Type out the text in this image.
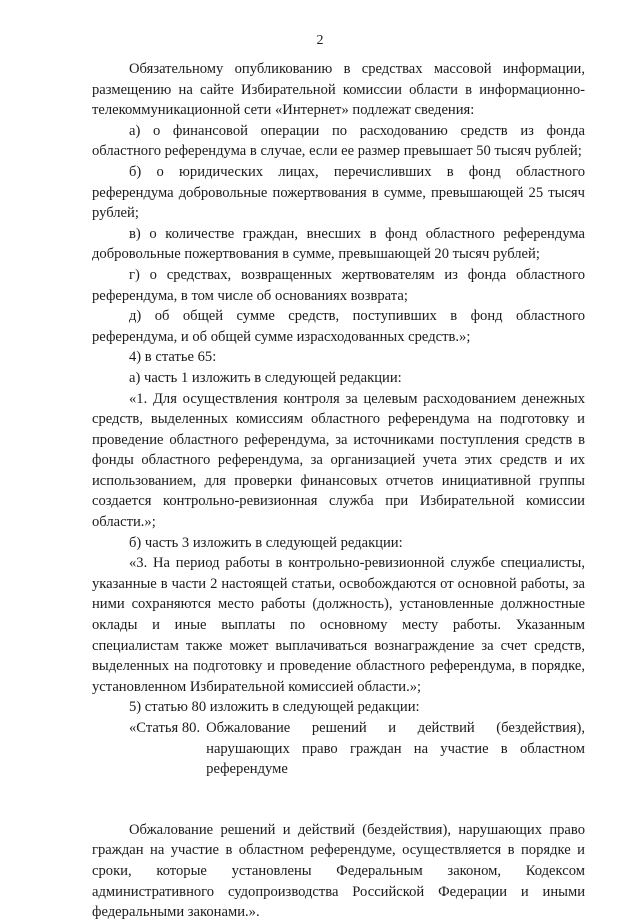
2

Обязательному опубликованию в средствах массовой информации, размещению на сайте Избирательной комиссии области в информационно-телекоммуникационной сети «Интернет» подлежат сведения:

а) о финансовой операции по расходованию средств из фонда областного референдума в случае, если ее размер превышает 50 тысяч рублей;

б) о юридических лицах, перечисливших в фонд областного референдума добровольные пожертвования в сумме, превышающей 25 тысяч рублей;

в) о количестве граждан, внесших в фонд областного референдума добровольные пожертвования в сумме, превышающей 20 тысяч рублей;

г) о средствах, возвращенных жертвователям из фонда областного референдума, в том числе об основаниях возврата;

д) об общей сумме средств, поступивших в фонд областного референдума, и об общей сумме израсходованных средств.»;

4) в статье 65:

а) часть 1 изложить в следующей редакции:

«1. Для осуществления контроля за целевым расходованием денежных средств, выделенных комиссиям областного референдума на подготовку и проведение областного референдума, за источниками поступления средств в фонды областного референдума, за организацией учета этих средств и их использованием, для проверки финансовых отчетов инициативной группы создается контрольно-ревизионная служба при Избирательной комиссии области.»;

б) часть 3 изложить в следующей редакции:

«3. На период работы в контрольно-ревизионной службе специалисты, указанные в части 2 настоящей статьи, освобождаются от основной работы, за ними сохраняются место работы (должность), установленные должностные оклады и иные выплаты по основному месту работы. Указанным специалистам также может выплачиваться вознаграждение за счет средств, выделенных на подготовку и проведение областного референдума, в порядке, установленном Избирательной комиссией области.»;

5) статью 80 изложить в следующей редакции:

«Статья 80. Обжалование решений и действий (бездействия), нарушающих право граждан на участие в областном референдуме

Обжалование решений и действий (бездействия), нарушающих право граждан на участие в областном референдуме, осуществляется в порядке и сроки, которые установлены Федеральным законом, Кодексом административного судопроизводства Российской Федерации и иными федеральными законами.».
